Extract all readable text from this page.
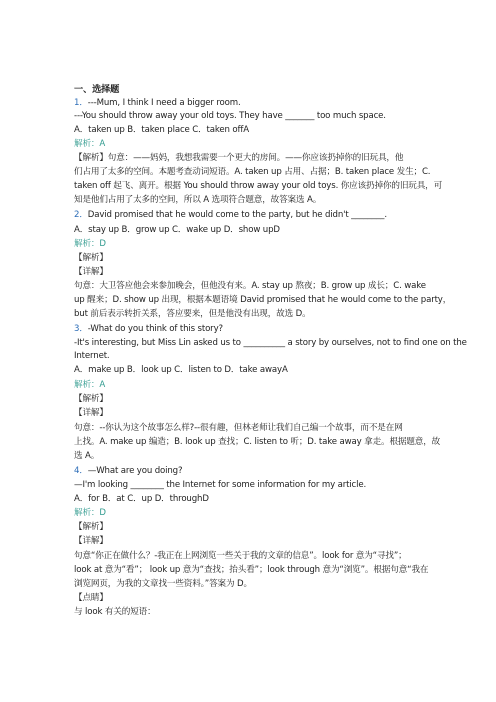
一、选择题
1．---Mum, I think I need a bigger room.
---You should throw away your old toys. They have _______ too much space.
A．taken up B．taken place C．taken offA
解析：A
【解析】句意：——妈妈，我想我需要一个更大的房间。——你应该扔掉你的旧玩具，他
们占用了太多的空间。本题考查动词短语。A. taken up 占用、占据；B. taken place 发生；C.
taken off 起飞、离开。根据 You should throw away your old toys. 你应该扔掉你的旧玩具，可
知是他们占用了太多的空间，所以 A 选项符合题意，故答案选 A。
2．David promised that he would come to the party, but he didn't ________.
A．stay up B．grow up C．wake up D．show upD
解析：D
【解析】
【详解】
句意：大卫答应他会来参加晚会，但他没有来。A. stay up 熬夜；B. grow up 成长；C. wake
up 醒来；D. show up 出现，根据本题语境 David promised that he would come to the party，
but 前后表示转折关系，答应要来，但是他没有出现，故选 D。
3．-What do you think of this story?
-It's interesting, but Miss Lin asked us to __________ a story by ourselves, not to find one on the
Internet.
A．make up B．look up C．listen to D．take awayA
解析：A
【解析】
【详解】
句意：--你认为这个故事怎么样?--很有趣，但林老师让我们自己编一个故事，而不是在网
上找。A. make up 编造；B. look up 查找；C. listen to 听；D. take away 拿走。根据题意，故
选 A。
4．—What are you doing?
—I'm looking ________ the Internet for some information for my article.
A．for B．at C．up D．throughD
解析：D
【解析】
【详解】
句意“你正在做什么？-我正在上网浏览一些关于我的文章的信息”。look for 意为“寻找”；
look at 意为“看”； look up 意为“查找；抬头看”；look through 意为“浏览”。根据句意“我在
浏览网页，为我的文章找一些资料。”答案为 D。
【点睛】
与 look 有关的短语：
